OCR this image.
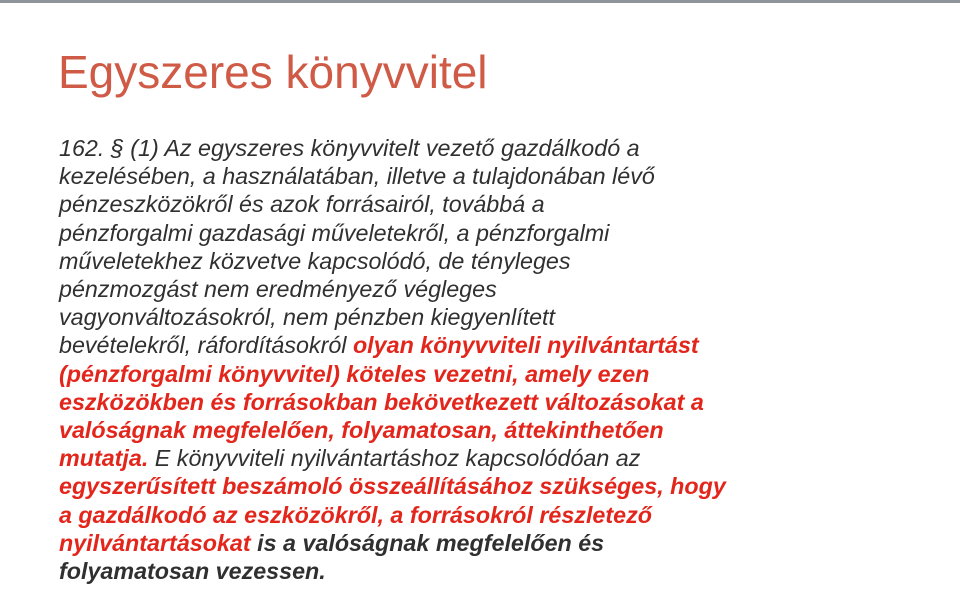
Egyszeres könyvvitel
162. § (1) Az egyszeres könyvvitelt vezető gazdálkodó a
kezelésében, a használatában, illetve a tulajdonában lévő
pénzeszközökről és azok forrásairól, továbbá a
pénzforgalmi gazdasági műveletekről, a pénzforgalmi
műveletekhez közvetve kapcsolódó, de tényleges
pénzmozgást nem eredményező végleges
vagyonváltozásokról, nem pénzben kiegyenlített
bevételekről, ráfordításokról olyan könyvviteli nyilvántartást
(pénzforgalmi könyvvitel) köteles vezetni, amely ezen
eszközökben és forrásokban bekövetkezett változásokat a
valóságnak megfelelően, folyamatosan, áttekinthetően
mutatja. E könyvviteli nyilvántartáshoz kapcsolódóan az
egyszerűsített beszámoló összeállításához szükséges, hogy
a gazdálkodó az eszközökről, a forrásokról részletező
nyilvántartásokat is a valóságnak megfelelően és
folyamatosan vezessen.
